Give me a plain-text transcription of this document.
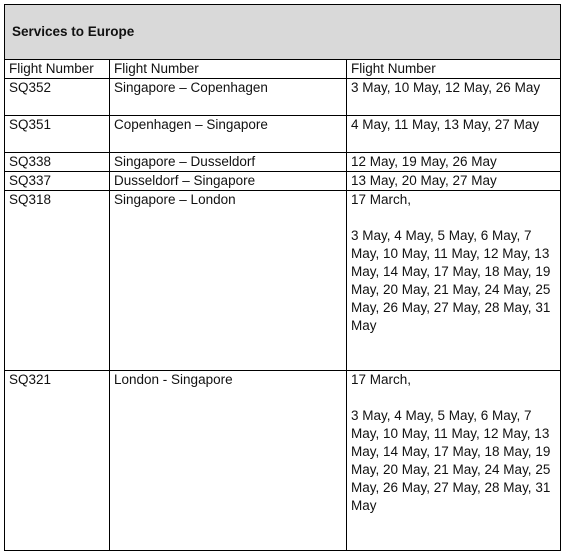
Services to Europe		
Flight Number	Flight Number	Flight Number
SQ352	Singapore – Copenhagen	3 May, 10 May, 12 May, 26 May
SQ351	Copenhagen – Singapore	4 May, 11 May, 13 May, 27 May
SQ338	Singapore – Dusseldorf	12 May, 19 May, 26 May
SQ337	Dusseldorf – Singapore	13 May, 20 May, 27 May
SQ318	Singapore – London	17 March,
3 May, 4 May, 5 May, 6 May, 7 May, 10 May, 11 May, 12 May, 13 May, 14 May, 17 May, 18 May, 19 May, 20 May, 21 May, 24 May, 25 May, 26 May, 27 May, 28 May, 31 May

SQ321	London - Singapore	17 March,
3 May, 4 May, 5 May, 6 May, 7 May, 10 May, 11 May, 12 May, 13 May, 14 May, 17 May, 18 May, 19 May, 20 May, 21 May, 24 May, 25 May, 26 May, 27 May, 28 May, 31 May
